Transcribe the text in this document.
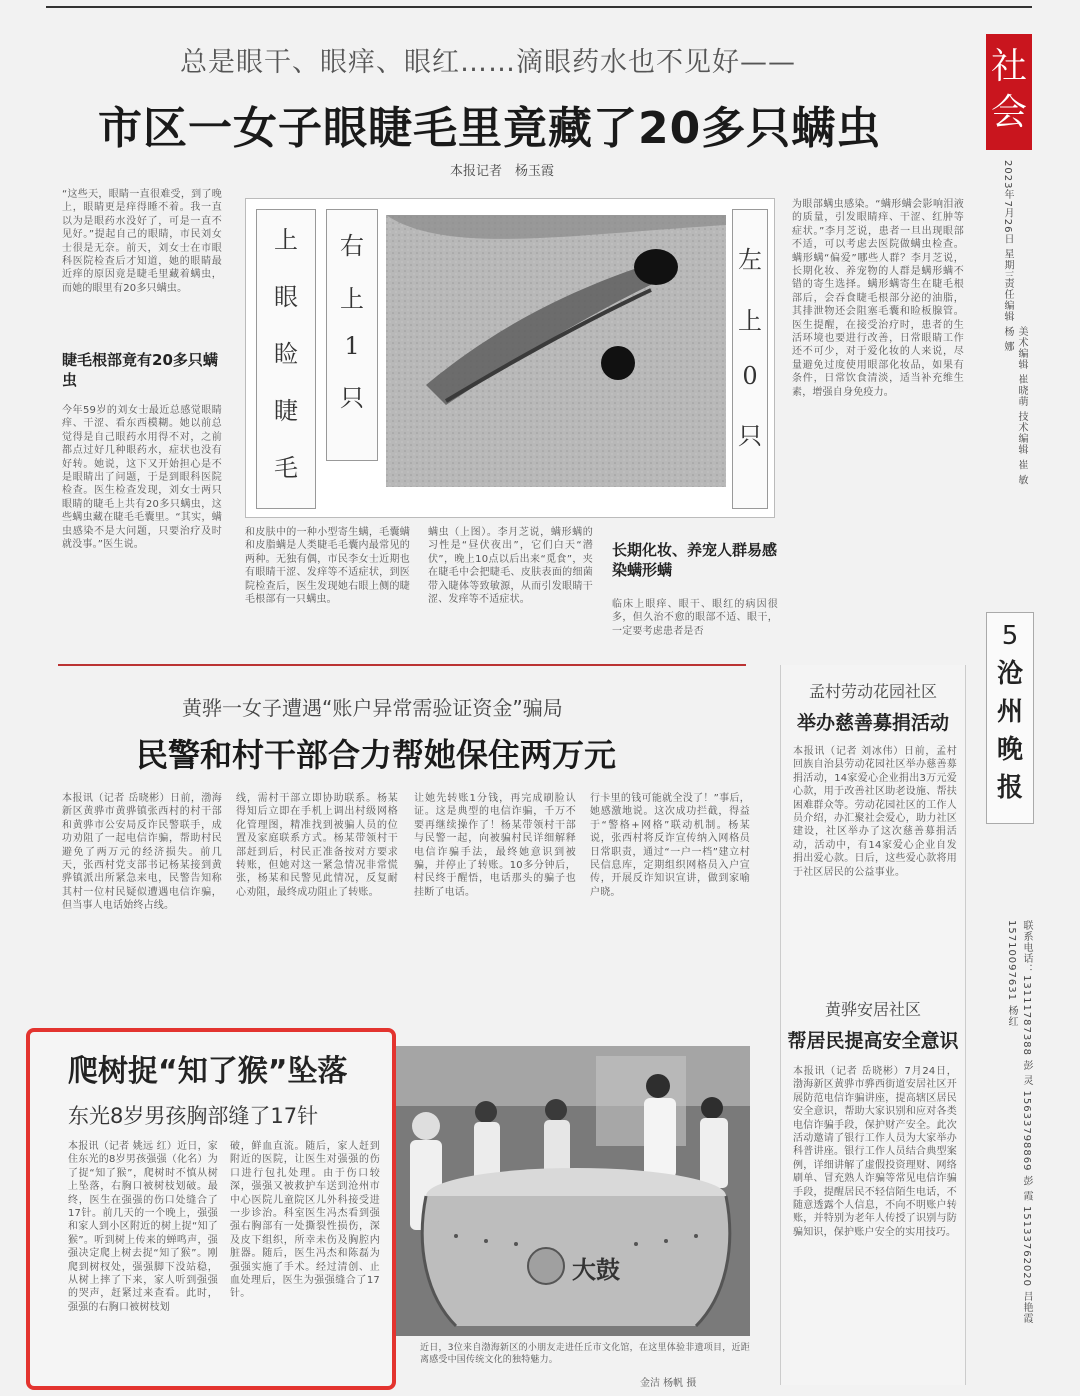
总是眼干、眼痒、眼红……滴眼药水也不见好——
市区一女子眼睫毛里竟藏了20多只螨虫
本报记者　杨玉霞
“这些天，眼睛一直很难受，到了晚上，眼睛更是痒得睡不着。我一直以为是眼药水没好了，可是一直不见好。”提起自己的眼睛，市民刘女士很是无奈。前天，刘女士在市眼科医院检查后才知道，她的眼睛最近痒的原因竟是睫毛里藏着螨虫，而她的眼里有20多只螨虫。
睫毛根部竟有20多只螨虫
今年59岁的刘女士最近总感觉眼睛痒、干涩、看东西模糊。她以前总觉得是自己眼药水用得不对，之前都点过好几种眼药水，症状也没有好转。她说，这下又开始担心是不是眼睛出了问题，于是到眼科医院检查。医生检查发现，刘女士两只眼睛的睫毛上共有20多只螨虫，这些螨虫藏在睫毛毛囊里。“其实，螨虫感染不是大问题，只要治疗及时就没事。”医生说。
上
眼
睑
睫
毛
右
上
1
只
左
上
0
只
和皮肤中的一种小型寄生螨，毛囊螨和皮脂螨是人类睫毛毛囊内最常见的两种。无独有偶，市民李女士近期也有眼睛干涩、发痒等不适症状，到医院检查后，医生发现她右眼上侧的睫毛根部有一只螨虫。
螨虫（上图）。李月芝说，螨形螨的习性是“昼伏夜出”，它们白天“潜伏”，晚上10点以后出来“觅食”，夹在睫毛中会把睫毛、皮肤表面的细菌带入睫体等致敏源，从而引发眼睛干涩、发痒等不适症状。
长期化妆、养宠人群易感染螨形螨
临床上眼痒、眼干、眼红的病因很多，但久治不愈的眼部不适、眼干，一定要考虑患者是否
为眼部螨虫感染。“螨形螨会影响泪液的质量，引发眼睛痒、干涩、红肿等症状。”李月芝说，患者一旦出现眼部不适，可以考虑去医院做螨虫检查。螨形螨“偏爱”哪些人群？李月芝说，长期化妆、养宠物的人群是螨形螨不错的寄生选择。螨形螨寄生在睫毛根部后，会吞食睫毛根部分泌的油脂，其排泄物还会阻塞毛囊和睑板腺管。医生提醒，在接受治疗时，患者的生活环境也要进行改善，日常眼睛工作还不可少，对于爱化妆的人来说，尽量避免过度使用眼部化妆品，如果有条件，日常饮食清淡，适当补充维生素，增强自身免疫力。
社会
2023年7月26日 星期三
责任编辑 杨 娜
美术编辑 崔晓萌 技术编辑 崔 敏
5
沧州晚报
联系电话：13111787388 彭 灵 15633798869 彭 霞 15133762020 吕艳霞 15710097631 杨红
黄骅一女子遭遇“账户异常需验证资金”骗局
民警和村干部合力帮她保住两万元
本报讯（记者 岳晓彬）日前，渤海新区黄骅市黄骅镇张西村的村干部和黄骅市公安局反诈民警联手，成功劝阻了一起电信诈骗，帮助村民避免了两万元的经济损失。前几天，张西村党支部书记杨某接到黄骅镇派出所紧急来电，民警告知称其村一位村民疑似遭遇电信诈骗，但当事人电话始终占线。
线，需村干部立即协助联系。杨某得知后立即在手机上调出村级网格化管理图，精准找到被骗人员的位置及家庭联系方式。杨某带领村干部赶到后，村民正准备按对方要求转账，但她对这一紧急情况非常慌张，杨某和民警见此情况，反复耐心劝阻，最终成功阻止了转账。
让她先转账1分钱，再完成刷脸认证。这是典型的电信诈骗，千万不要再继续操作了！杨某带领村干部与民警一起，向被骗村民详细解释电信诈骗手法，最终她意识到被骗，并停止了转账。10多分钟后，村民终于醒悟，电话那头的骗子也挂断了电话。
行卡里的钱可能就全没了！”事后，她感激地说。这次成功拦截，得益于“警格+网格”联动机制。杨某说，张西村将反诈宣传纳入网格员日常职责，通过“一户一档”建立村民信息库，定期组织网格员入户宣传，开展反诈知识宣讲，做到家喻户晓。
孟村劳动花园社区
举办慈善募捐活动
本报讯（记者 刘冰伟）日前，孟村回族自治县劳动花园社区举办慈善募捐活动，14家爱心企业捐出3万元爱心款，用于改善社区助老设施、帮扶困难群众等。劳动花园社区的工作人员介绍，办汇聚社会爱心，助力社区建设，社区举办了这次慈善募捐活动，活动中，有14家爱心企业自发捐出爱心款。日后，这些爱心款将用于社区居民的公益事业。
黄骅安居社区
帮居民提高安全意识
本报讯（记者 岳晓彬）7月24日，渤海新区黄骅市骅西街道安居社区开展防范电信诈骗讲座，提高辖区居民安全意识，帮助大家识别和应对各类电信诈骗手段，保护财产安全。此次活动邀请了银行工作人员为大家举办科普讲座。银行工作人员结合典型案例，详细讲解了虚假投资理财、网络刷单、冒充熟人诈骗等常见电信诈骗手段，提醒居民不轻信陌生电话，不随意透露个人信息，不向不明账户转账，并特别为老年人传授了识别与防骗知识，保护账户安全的实用技巧。
爬树捉“知了猴”坠落
东光8岁男孩胸部缝了17针
本报讯（记者 姚远 红）近日，家住东光的8岁男孩强强（化名）为了捉“知了猴”，爬树时不慎从树上坠落，右胸口被树枝划破。最终，医生在强强的伤口处缝合了17针。前几天的一个晚上，强强和家人到小区附近的树上捉“知了猴”。听到树上传来的蝉鸣声，强强决定爬上树去捉“知了猴”。刚爬到树杈处，强强脚下没站稳，从树上摔了下来，家人听到强强的哭声，赶紧过来查看。此时，强强的右胸口被树枝划
破，鲜血直流。随后，家人赶到附近的医院，让医生对强强的伤口进行包扎处理。由于伤口较深，强强又被救护车送到沧州市中心医院儿童院区儿外科接受进一步诊治。科室医生冯杰看到强强右胸部有一处撕裂性损伤，深及皮下组织，所幸未伤及胸腔内脏器。随后，医生冯杰和陈磊为强强实施了手术。经过清创、止血处理后，医生为强强缝合了17针。
大鼓
近日，3位来自渤海新区的小朋友走进任丘市文化馆，在这里体验非遗项目，近距离感受中国传统文化的独特魅力。
金洁 杨帆 摄
